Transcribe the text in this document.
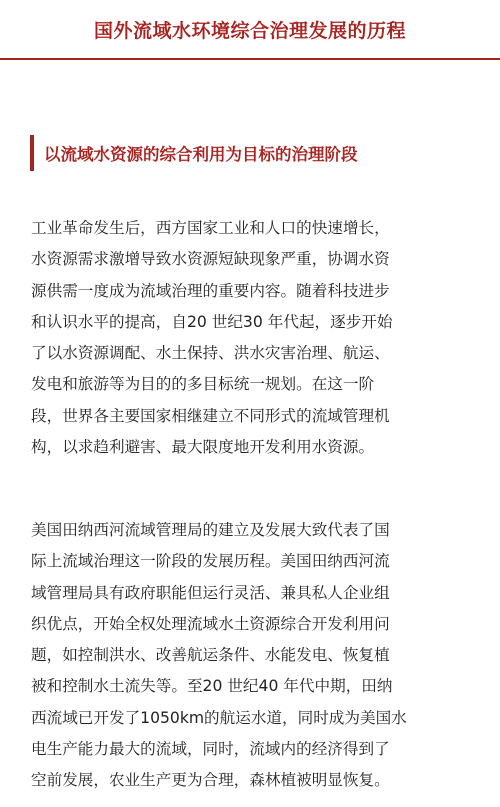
国外流域水环境综合治理发展的历程
以流域水资源的综合利用为目标的治理阶段
工业革命发生后，西方国家工业和人口的快速增长，
水资源需求激增导致水资源短缺现象严重，协调水资
源供需一度成为流域治理的重要内容。随着科技进步
和认识水平的提高，自20 世纪30 年代起，逐步开始
了以水资源调配、水土保持、洪水灾害治理、航运、
发电和旅游等为目的的多目标统一规划。在这一阶
段，世界各主要国家相继建立不同形式的流域管理机
构，以求趋利避害、最大限度地开发利用水资源。
美国田纳西河流域管理局的建立及发展大致代表了国
际上流域治理这一阶段的发展历程。美国田纳西河流
域管理局具有政府职能但运行灵活、兼具私人企业组
织优点，开始全权处理流域水土资源综合开发利用问
题，如控制洪水、改善航运条件、水能发电、恢复植
被和控制水土流失等。至20 世纪40 年代中期，田纳
西流域已开发了1050km的航运水道，同时成为美国水
电生产能力最大的流域，同时，流域内的经济得到了
空前发展，农业生产更为合理，森林植被明显恢复。
